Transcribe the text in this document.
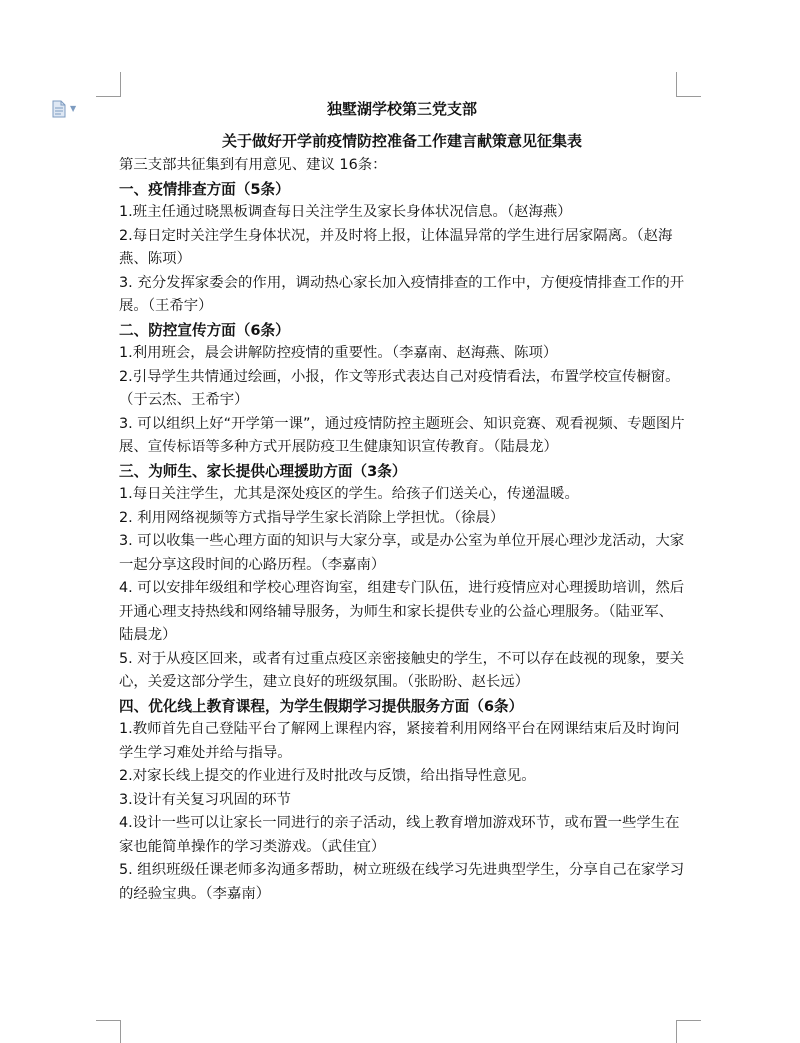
▼	独墅湖学校第三党支部

关于做好开学前疫情防控准备工作建言献策意见征集表

第三支部共征集到有用意见、建议 16条：

一、疫情排查方面（5条）

1.班主任通过晓黑板调查每日关注学生及家长身体状况信息。（赵海燕）

2.每日定时关注学生身体状况，并及时将上报，让体温异常的学生进行居家隔离。（赵海燕、陈项）

3. 充分发挥家委会的作用，调动热心家长加入疫情排查的工作中，方便疫情排查工作的开展。（王希宇）

二、防控宣传方面（6条）

1.利用班会，晨会讲解防控疫情的重要性。（李嘉南、赵海燕、陈项）

2.引导学生共情通过绘画，小报，作文等形式表达自己对疫情看法，布置学校宣传橱窗。（于云杰、王希宇）

3. 可以组织上好“开学第一课”，通过疫情防控主题班会、知识竞赛、观看视频、专题图片展、宣传标语等多种方式开展防疫卫生健康知识宣传教育。（陆晨龙）

三、为师生、家长提供心理援助方面（3条）

1.每日关注学生，尤其是深处疫区的学生。给孩子们送关心，传递温暖。

2. 利用网络视频等方式指导学生家长消除上学担忧。（徐晨）

3. 可以收集一些心理方面的知识与大家分享，或是办公室为单位开展心理沙龙活动，大家一起分享这段时间的心路历程。（李嘉南）

4. 可以安排年级组和学校心理咨询室，组建专门队伍，进行疫情应对心理援助培训，然后开通心理支持热线和网络辅导服务，为师生和家长提供专业的公益心理服务。（陆亚军、陆晨龙）

5. 对于从疫区回来，或者有过重点疫区亲密接触史的学生，不可以存在歧视的现象，要关心，关爱这部分学生，建立良好的班级氛围。（张盼盼、赵长远）

四、优化线上教育课程，为学生假期学习提供服务方面（6条）

1.教师首先自己登陆平台了解网上课程内容，紧接着利用网络平台在网课结束后及时询问学生学习难处并给与指导。

2.对家长线上提交的作业进行及时批改与反馈，给出指导性意见。

3.设计有关复习巩固的环节

4.设计一些可以让家长一同进行的亲子活动，线上教育增加游戏环节，或布置一些学生在家也能简单操作的学习类游戏。（武佳宜）

5. 组织班级任课老师多沟通多帮助，树立班级在线学习先进典型学生，分享自己在家学习的经验宝典。（李嘉南）
